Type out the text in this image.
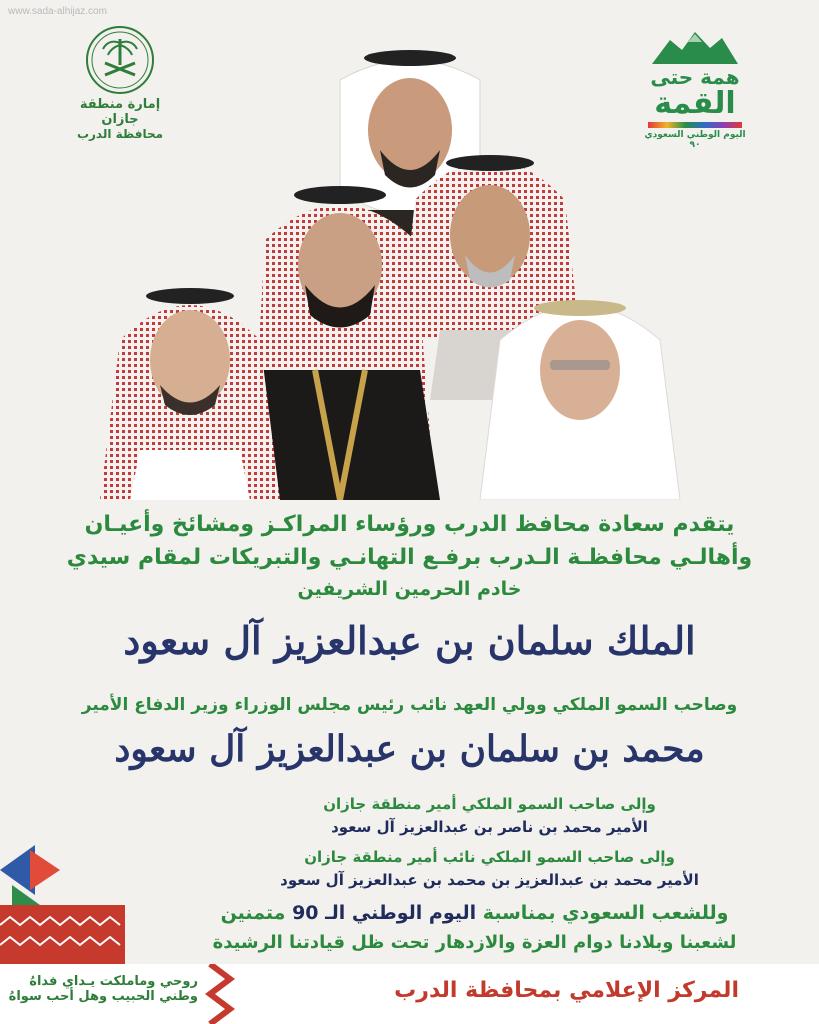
www.sada-alhijaz.com
إمارة منطقة جازان
محافظة الدرب
همة حتى
القمة
اليوم الوطني السعودي ٩٠
يتقدم سعادة محافظ الدرب ورؤساء المراكـز ومشائخ وأعيـان
وأهالـي محافظـة الـدرب برفـع التهانـي والتبريكات لمقام سيدي
خادم الحرمين الشريفين
الملك سلمان بن عبدالعزيز آل سعود
وصاحب السمو الملكي وولي العهد نائب رئيس مجلس الوزراء وزير الدفاع الأمير
محمد بن سلمان بن عبدالعزيز آل سعود
وإلى صاحب السمو الملكي أمير منطقة جازان
الأمير محمد بن ناصر بن عبدالعزيز آل سعود
وإلى صاحب السمو الملكي نائب أمير منطقة جازان
الأمير محمد بن عبدالعزيز بن محمد بن عبدالعزيز آل سعود
وللشعب السعودي بمناسبة اليوم الوطني الـ 90 متمنين
لشعبنا وبلادنا دوام العزة والازدهار تحت ظل قيادتنا الرشيدة
روحي وماملكت يـداي فداهُ
وطني الحبيب وهل أحب سواهُ	المركز الإعلامي بمحافظة الدرب
